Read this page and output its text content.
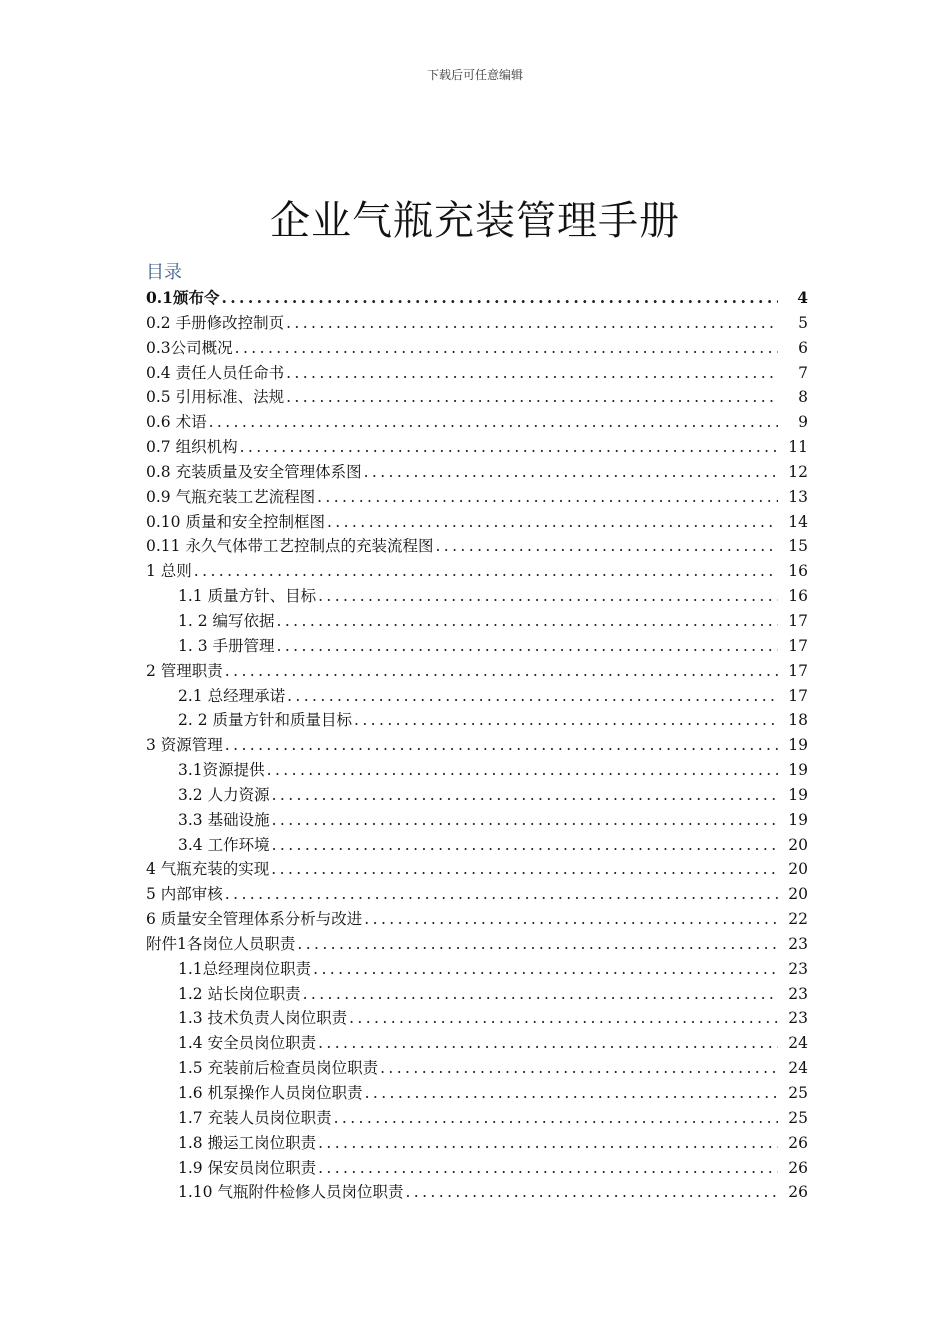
下载后可任意编辑
企业气瓶充装管理手册
目录
0.1颁布令 .....	4
0.2 手册修改控制页 .....	5
0.3公司概况 .....	6
0.4 责任人员任命书 .....	7
0.5 引用标准、法规 .....	8
0.6 术语 .....	9
0.7 组织机构 .....	11
0.8 充装质量及安全管理体系图 .....	12
0.9 气瓶充装工艺流程图 .....	13
0.10 质量和安全控制框图 .....	14
0.11 永久气体带工艺控制点的充装流程图 .....	15
1 总则 .....	16
1.1 质量方针、目标 .....	16
1. 2 编写依据 .....	17
1. 3 手册管理 .....	17
2 管理职责 .....	17
2.1 总经理承诺 .....	17
2. 2 质量方针和质量目标 .....	18
3 资源管理 .....	19
3.1资源提供 .....	19
3.2 人力资源 .....	19
3.3 基础设施 .....	19
3.4 工作环境 .....	20
4 气瓶充装的实现 .....	20
5 内部审核 .....	20
6 质量安全管理体系分析与改进 .....	22
附件1各岗位人员职责 .....	23
1.1总经理岗位职责 .....	23
1.2 站长岗位职责 .....	23
1.3 技术负责人岗位职责 .....	23
1.4 安全员岗位职责 .....	24
1.5 充装前后检查员岗位职责 .....	24
1.6 机泵操作人员岗位职责 .....	25
1.7 充装人员岗位职责 .....	25
1.8 搬运工岗位职责 .....	26
1.9 保安员岗位职责 .....	26
1.10 气瓶附件检修人员岗位职责 .....	26
